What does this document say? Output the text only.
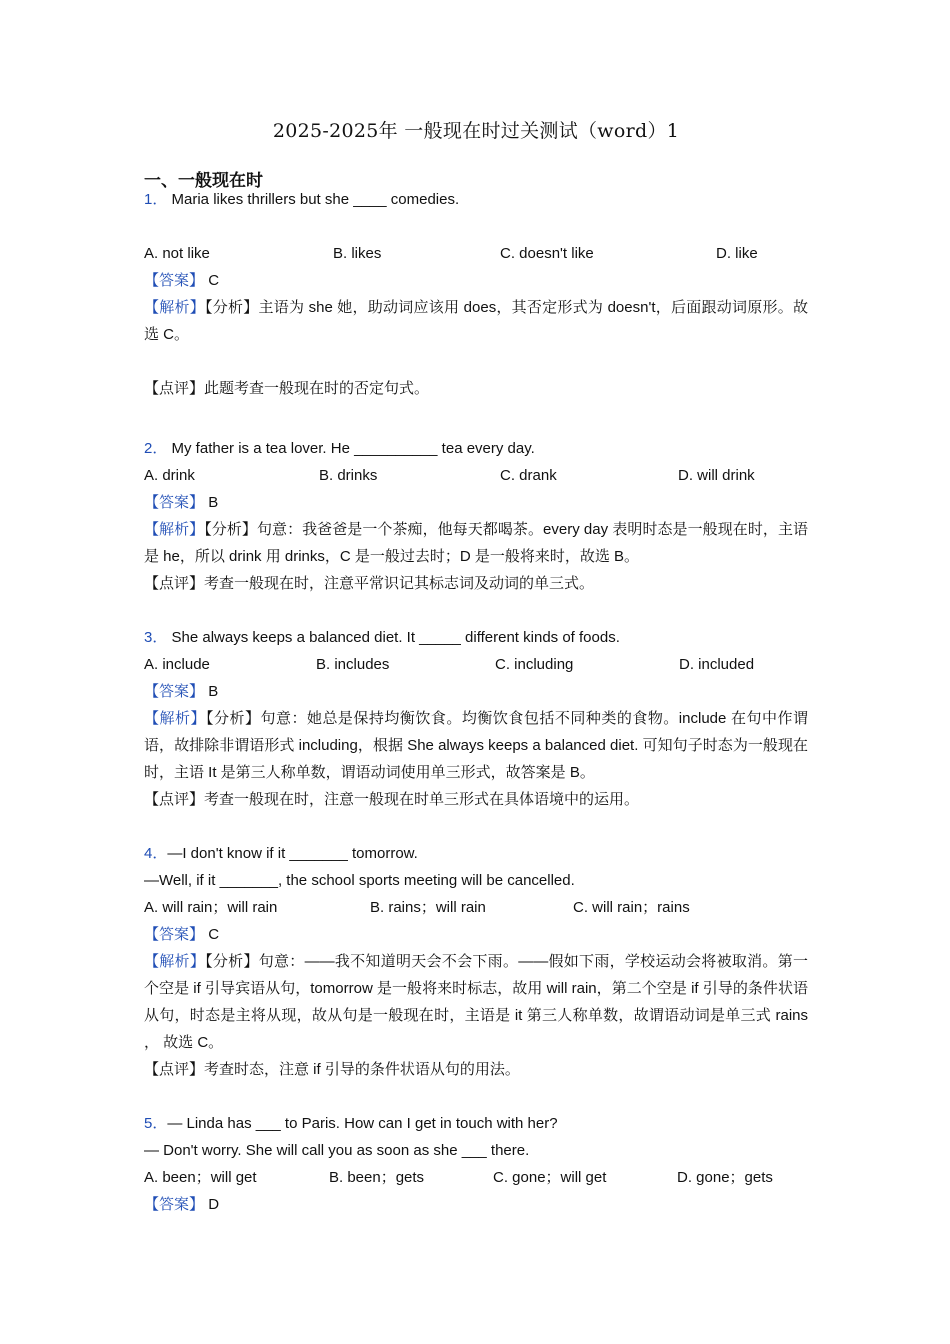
2025-2025年 一般现在时过关测试（word）1
一、一般现在时
1． Maria likes thrillers but she ____ comedies.
A. not like	B. likes	C. doesn't like	D. like
【答案】 C
【解析】【分析】主语为 she 她，助动词应该用 does，其否定形式为 doesn't，后面跟动词原形。故选 C。
【点评】此题考查一般现在时的否定句式。
2． My father is a tea lover. He __________ tea every day.
A. drink	B. drinks	C. drank	D. will drink
【答案】 B
【解析】【分析】句意：我爸爸是一个茶痴，他每天都喝茶。every day 表明时态是一般现在时，主语是 he，所以 drink 用 drinks，C 是一般过去时；D 是一般将来时，故选 B。
【点评】考查一般现在时，注意平常识记其标志词及动词的单三式。
3． She always keeps a balanced diet. It _____ different kinds of foods.
A. include	B. includes	C. including	D. included
【答案】 B
【解析】【分析】句意：她总是保持均衡饮食。均衡饮食包括不同种类的食物。include 在句中作谓语，故排除非谓语形式 including，根据 She always keeps a balanced diet. 可知句子时态为一般现在时，主语 It 是第三人称单数，谓语动词使用单三形式，故答案是 B。
【点评】考查一般现在时，注意一般现在时单三形式在具体语境中的运用。
4．—I don't know if it _______ tomorrow.
—Well, if it _______, the school sports meeting will be cancelled.
A. will rain；will rain	B. rains；will rain	C. will rain；rains
【答案】 C
【解析】【分析】句意：——我不知道明天会不会下雨。——假如下雨，学校运动会将被取消。第一个空是 if 引导宾语从句，tomorrow 是一般将来时标志，故用 will rain，第二个空是 if 引导的条件状语从句，时态是主将从现，故从句是一般现在时，主语是 it 第三人称单数，故谓语动词是单三式 rains ， 故选 C。
【点评】考查时态，注意 if 引导的条件状语从句的用法。
5．— Linda has ___ to Paris. How can I get in touch with her?
— Don't worry. She will call you as soon as she ___ there.
A. been；will get	B. been；gets	C. gone；will get	D. gone；gets
【答案】 D
